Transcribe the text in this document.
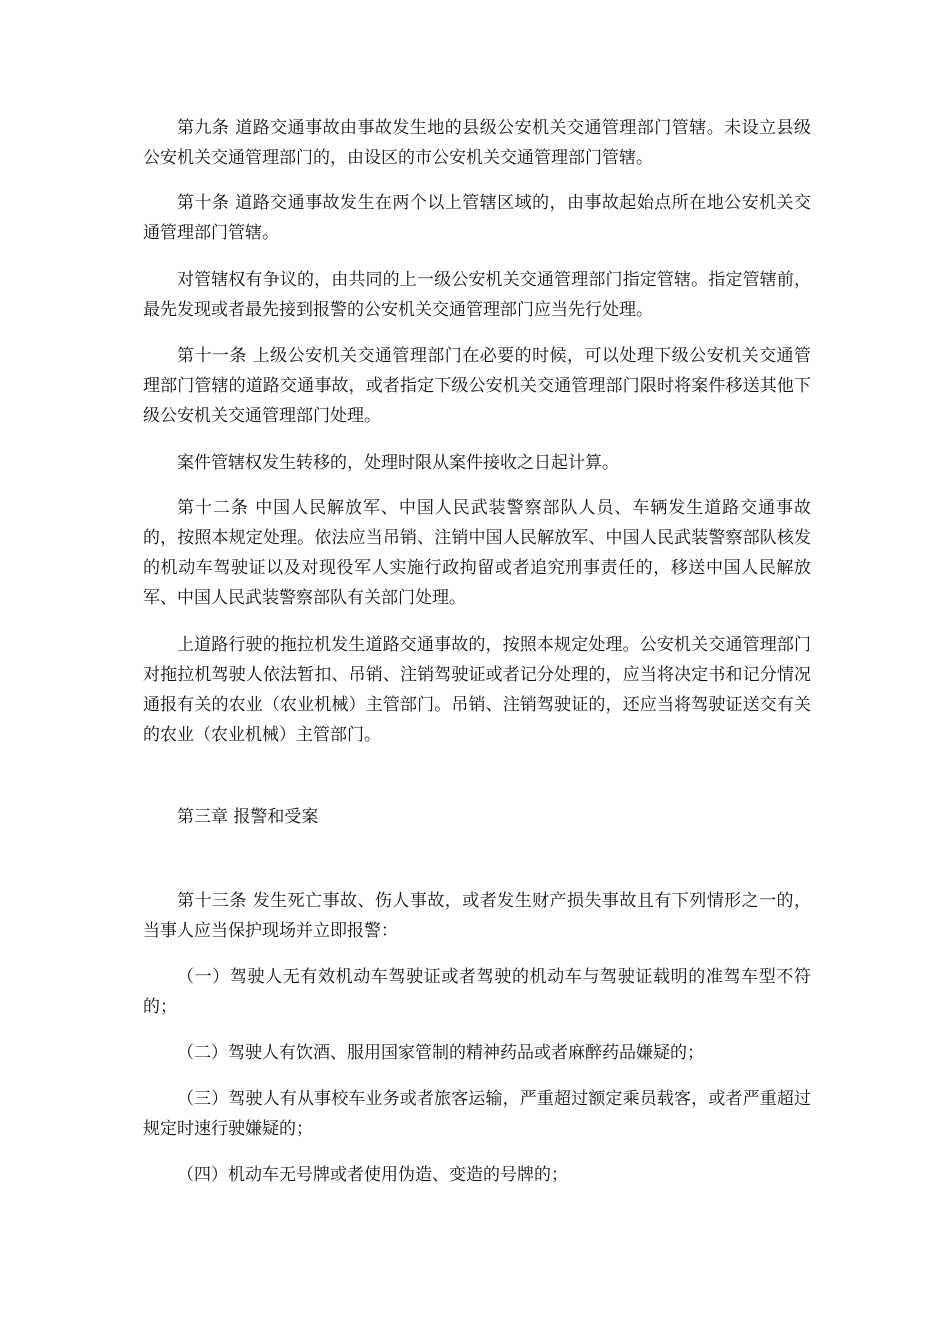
第九条 道路交通事故由事故发生地的县级公安机关交通管理部门管辖。未设立县级公安机关交通管理部门的，由设区的市公安机关交通管理部门管辖。

第十条 道路交通事故发生在两个以上管辖区域的，由事故起始点所在地公安机关交通管理部门管辖。

对管辖权有争议的，由共同的上一级公安机关交通管理部门指定管辖。指定管辖前，最先发现或者最先接到报警的公安机关交通管理部门应当先行处理。

第十一条 上级公安机关交通管理部门在必要的时候，可以处理下级公安机关交通管理部门管辖的道路交通事故，或者指定下级公安机关交通管理部门限时将案件移送其他下级公安机关交通管理部门处理。

案件管辖权发生转移的，处理时限从案件接收之日起计算。

第十二条 中国人民解放军、中国人民武装警察部队人员、车辆发生道路交通事故的，按照本规定处理。依法应当吊销、注销中国人民解放军、中国人民武装警察部队核发的机动车驾驶证以及对现役军人实施行政拘留或者追究刑事责任的，移送中国人民解放军、中国人民武装警察部队有关部门处理。

上道路行驶的拖拉机发生道路交通事故的，按照本规定处理。公安机关交通管理部门对拖拉机驾驶人依法暂扣、吊销、注销驾驶证或者记分处理的，应当将决定书和记分情况通报有关的农业（农业机械）主管部门。吊销、注销驾驶证的，还应当将驾驶证送交有关的农业（农业机械）主管部门。

第三章 报警和受案

第十三条 发生死亡事故、伤人事故，或者发生财产损失事故且有下列情形之一的，当事人应当保护现场并立即报警：

（一）驾驶人无有效机动车驾驶证或者驾驶的机动车与驾驶证载明的准驾车型不符的；

（二）驾驶人有饮酒、服用国家管制的精神药品或者麻醉药品嫌疑的；

（三）驾驶人有从事校车业务或者旅客运输，严重超过额定乘员载客，或者严重超过规定时速行驶嫌疑的；

（四）机动车无号牌或者使用伪造、变造的号牌的；
